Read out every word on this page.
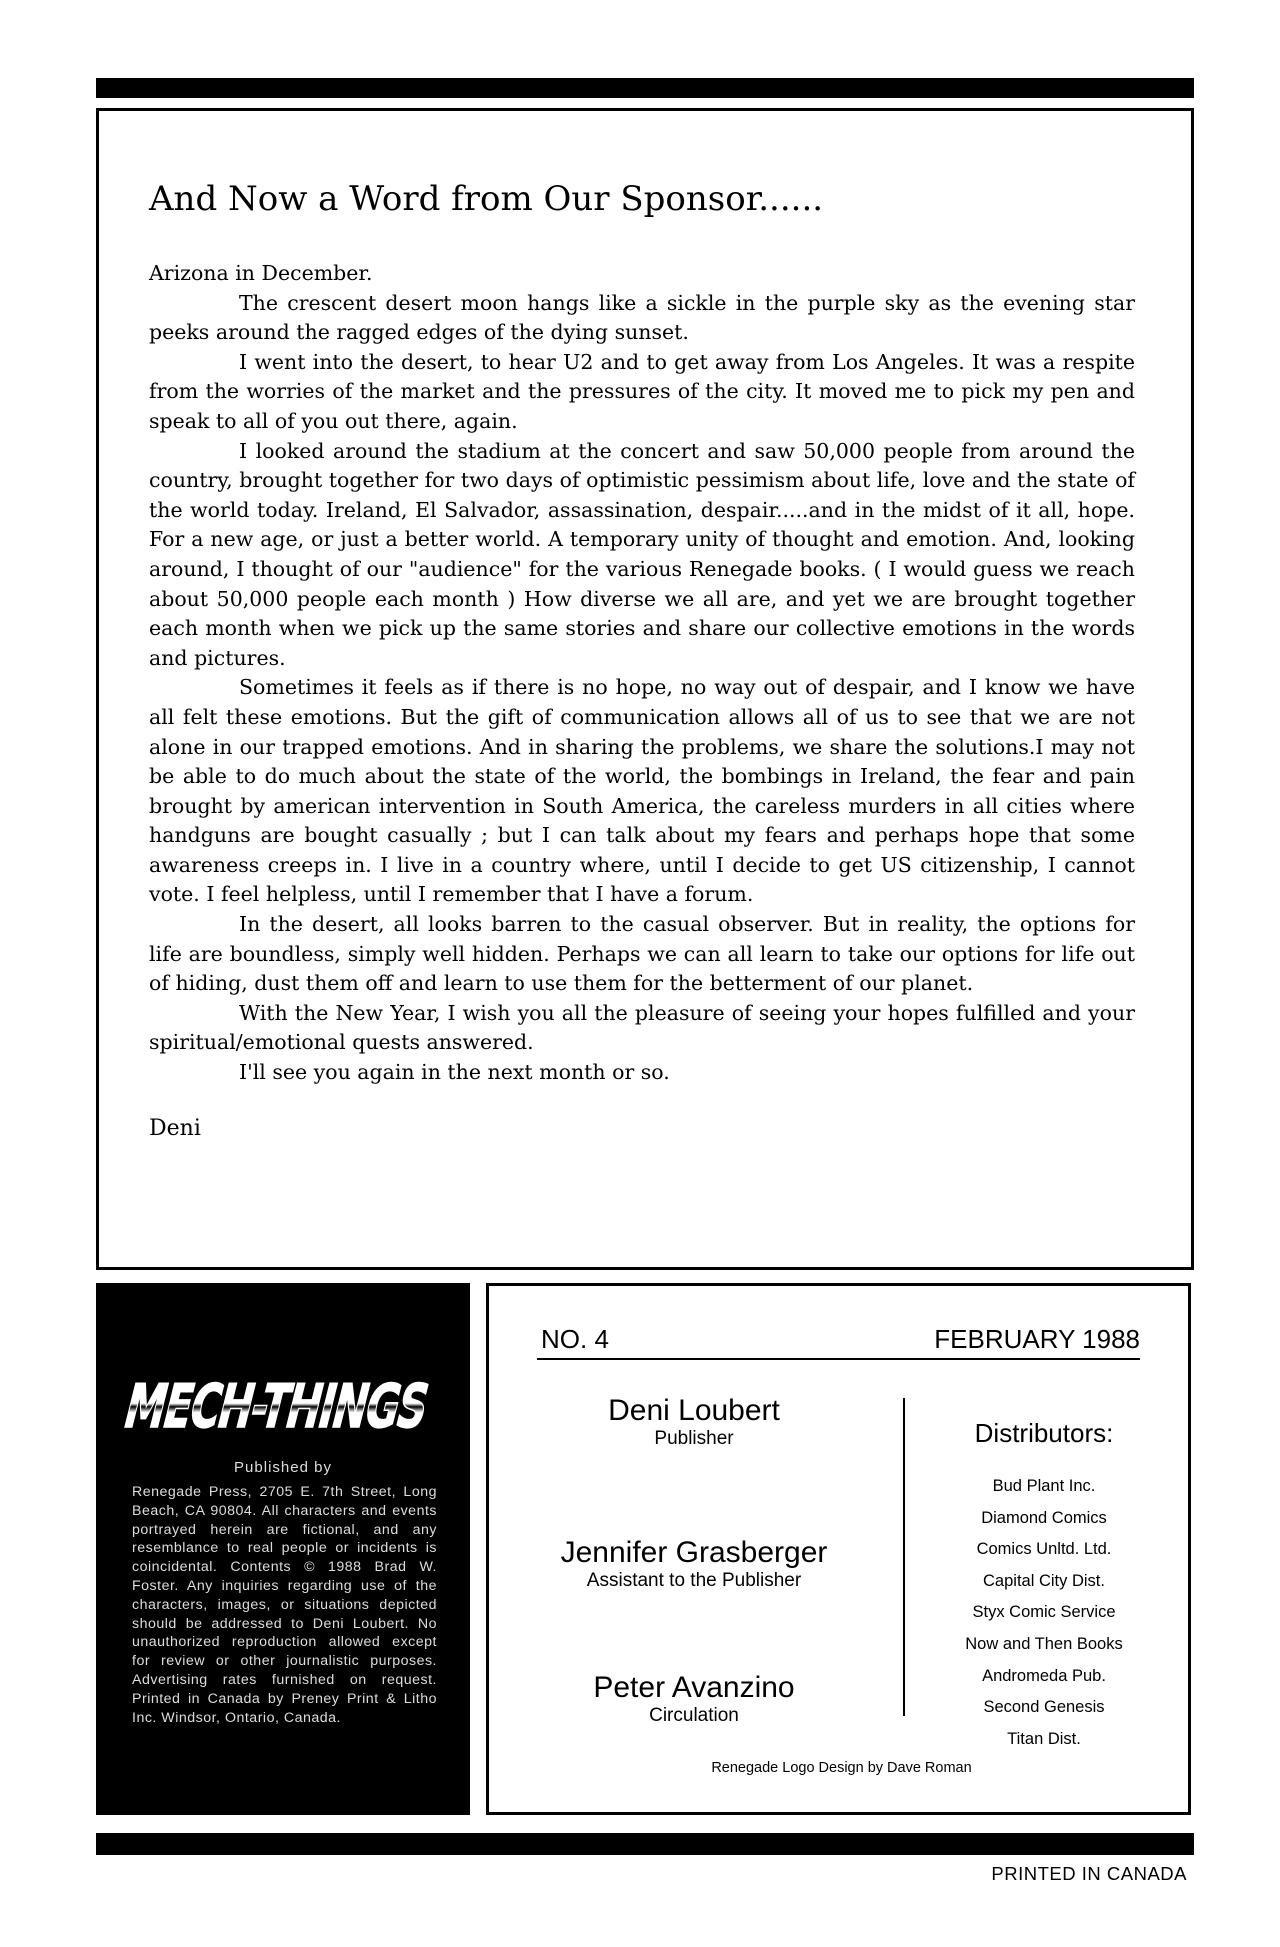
And Now a Word from Our Sponsor......

Arizona in December.

The crescent desert moon hangs like a sickle in the purple sky as the evening star peeks around the ragged edges of the dying sunset.

I went into the desert, to hear U2 and to get away from Los Angeles. It was a respite from the worries of the market and the pressures of the city. It moved me to pick my pen and speak to all of you out there, again.

I looked around the stadium at the concert and saw 50,000 people from around the country, brought together for two days of optimistic pessimism about life, love and the state of the world today. Ireland, El Salvador, assassination, despair.....and in the midst of it all, hope. For a new age, or just a better world. A temporary unity of thought and emotion. And, looking around, I thought of our "audience" for the various Renegade books. ( I would guess we reach about 50,000 people each month ) How diverse we all are, and yet we are brought together each month when we pick up the same stories and share our collective emotions in the words and pictures.

Sometimes it feels as if there is no hope, no way out of despair, and I know we have all felt these emotions. But the gift of communication allows all of us to see that we are not alone in our trapped emotions. And in sharing the problems, we share the solutions.I may not be able to do much about the state of the world, the bombings in Ireland, the fear and pain brought by american intervention in South America, the careless murders in all cities where handguns are bought casually ; but I can talk about my fears and perhaps hope that some awareness creeps in. I live in a country where, until I decide to get US citizenship, I cannot vote. I feel helpless, until I remember that I have a forum.

In the desert, all looks barren to the casual observer. But in reality, the options for life are boundless, simply well hidden. Perhaps we can all learn to take our options for life out of hiding, dust them off and learn to use them for the betterment of our planet.

With the New Year, I wish you all the pleasure of seeing your hopes fulfilled and your spiritual/emotional quests answered.

I'll see you again in the next month or so.

Deni

MECH-THINGS
Published by
Renegade Press, 2705 E. 7th Street, Long Beach, CA 90804. All characters and events portrayed herein are fictional, and any resemblance to real people or incidents is coincidental. Contents © 1988 Brad W. Foster. Any inquiries regarding use of the characters, images, or situations depicted should be addressed to Deni Loubert. No unauthorized reproduction allowed except for review or other journalistic purposes. Advertising rates furnished on request. Printed in Canada by Preney Print & Litho Inc. Windsor, Ontario, Canada.
NO. 4	FEBRUARY 1988
Deni Loubert
Publisher
Jennifer Grasberger
Assistant to the Publisher
Peter Avanzino
Circulation
Distributors:
Bud Plant Inc.
Diamond Comics
Comics Unltd. Ltd.
Capital City Dist.
Styx Comic Service
Now and Then Books
Andromeda Pub.
Second Genesis
Titan Dist.
Renegade Logo Design by Dave Roman
PRINTED IN CANADA
